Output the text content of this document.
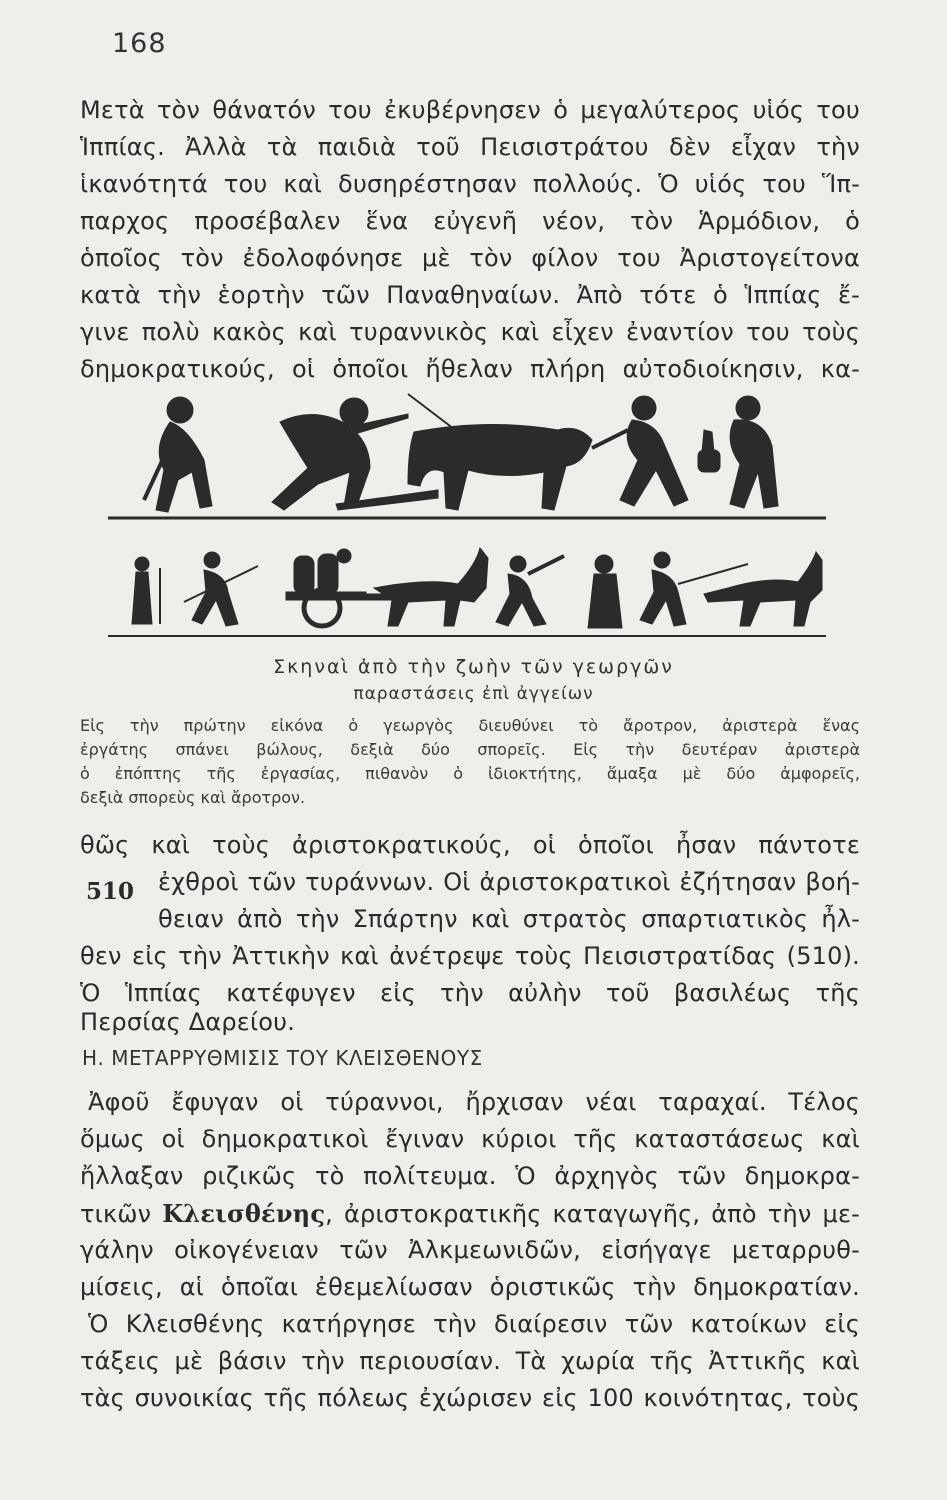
168

Μετὰ τὸν θάνατόν του ἐκυβέρνησεν ὁ μεγαλύτερος υἱός του

Ἱππίας. Ἀλλὰ τὰ παιδιὰ τοῦ Πεισιστράτου δὲν εἶχαν τὴν

ἱκανότητά του καὶ δυσηρέστησαν πολλούς. Ὁ υἱός του Ἵπ-

παρχος προσέβαλεν ἕνα εὐγενῆ νέον, τὸν Ἁρμόδιον, ὁ

ὁποῖος τὸν ἐδολοφόνησε μὲ τὸν φίλον του Ἀριστογείτονα

κατὰ τὴν ἑορτὴν τῶν Παναθηναίων. Ἀπὸ τότε ὁ Ἱππίας ἔ-

γινε πολὺ κακὸς καὶ τυραννικὸς καὶ εἶχεν ἐναντίον του τοὺς

δημοκρατικούς, οἱ ὁποῖοι ἤθελαν πλήρη αὐτοδιοίκησιν, κα-

Σκηναὶ ἀπὸ τὴν ζωὴν τῶν γεωργῶν
παραστάσεις ἐπὶ ἀγγείων

Εἰς τὴν πρώτην εἰκόνα ὁ γεωργὸς διευθύνει τὸ ἄροτρον, ἀριστερὰ ἕνας

ἐργάτης σπάνει βώλους, δεξιὰ δύο σπορεῖς. Εἰς τὴν δευτέραν ἀριστερὰ

ὁ ἐπόπτης τῆς ἐργασίας, πιθανὸν ὁ ἰδιοκτήτης, ἅμαξα μὲ δύο ἀμφορεῖς,

δεξιὰ σπορεὺς καὶ ἄροτρον.

θῶς καὶ τοὺς ἀριστοκρατικούς, οἱ ὁποῖοι ἦσαν πάντοτε

510 ἐχθροὶ τῶν τυράννων. Οἱ ἀριστοκρατικοὶ ἐζήτησαν βοή-

θειαν ἀπὸ τὴν Σπάρτην καὶ στρατὸς σπαρτιατικὸς ἦλ-

θεν εἰς τὴν Ἀττικὴν καὶ ἀνέτρεψε τοὺς Πεισιστρατίδας (510).

Ὁ Ἱππίας κατέφυγεν εἰς τὴν αὐλὴν τοῦ βασιλέως τῆς

Περσίας Δαρείου.

Η. ΜΕΤΑΡΡΥΘΜΙΣΙΣ ΤΟΥ ΚΛΕΙΣΘΕΝΟΥΣ

Ἀφοῦ ἔφυγαν οἱ τύραννοι, ἤρχισαν νέαι ταραχαί. Τέλος

ὅμως οἱ δημοκρατικοὶ ἔγιναν κύριοι τῆς καταστάσεως καὶ

ἤλλαξαν ριζικῶς τὸ πολίτευμα. Ὁ ἀρχηγὸς τῶν δημοκρα-

τικῶν Κλεισθένης, ἀριστοκρατικῆς καταγωγῆς, ἀπὸ τὴν με-

γάλην οἰκογένειαν τῶν Ἀλκμεωνιδῶν, εἰσήγαγε μεταρρυθ-

μίσεις, αἱ ὁποῖαι ἐθεμελίωσαν ὁριστικῶς τὴν δημοκρατίαν.

Ὁ Κλεισθένης κατήργησε τὴν διαίρεσιν τῶν κατοίκων εἰς

τάξεις μὲ βάσιν τὴν περιουσίαν. Τὰ χωρία τῆς Ἀττικῆς καὶ

τὰς συνοικίας τῆς πόλεως ἐχώρισεν εἰς 100 κοινότητας, τοὺς
